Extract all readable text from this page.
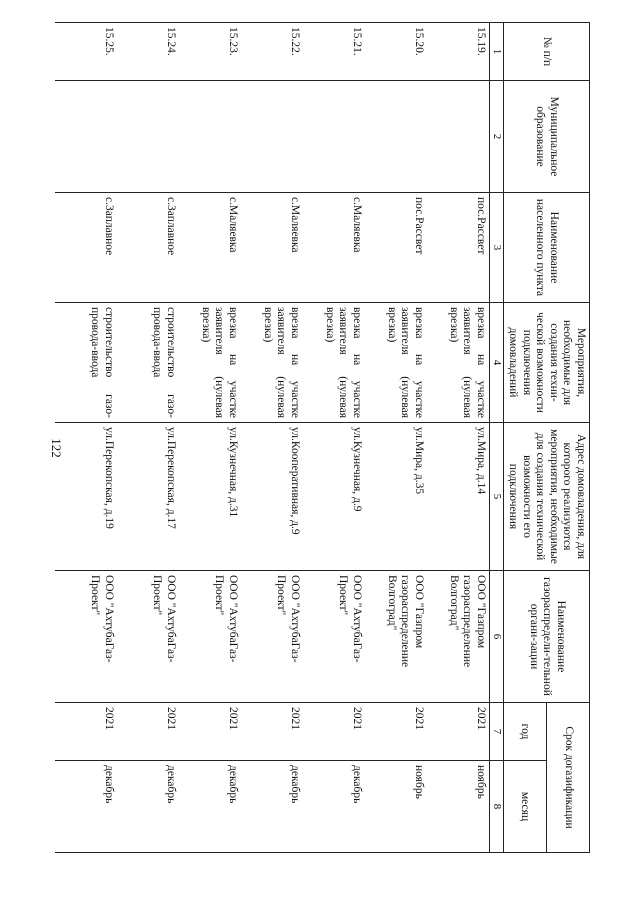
122
№ п/п	Муниципальное образование	Наименование населенного пункта	Мероприятия, необходимые для создания техни-ческой возможности подключения домовладений	Адрес домовладения, для которого реализуются мероприятия, необходимые для создания технической возможности его подключения	Наименование газораспредели-тельной органи-зации	Срок догазификации	
						год	месяц
1	2	3	4	5	6	7	8
15.19.		пос.Рассвет	врезка на участке заявителя (нулевая врезка)	ул.Мира, д.14	ООО "Газпром газораспределение Волгоград"	2021	ноябрь
15.20.		пос.Рассвет	врезка на участке заявителя (нулевая врезка)	ул.Мира, д.35	ООО "Газпром газораспределение Волгоград"	2021	ноябрь
15.21.		с.Маляевка	врезка на участке заявителя (нулевая врезка)	ул.Кузнечная, д.9	ООО "АхтубаГаз-Проект"	2021	декабрь
15.22.		с.Маляевка	врезка на участке заявителя (нулевая врезка)	ул.Кооперативная, д.9	ООО "АхтубаГаз-Проект"	2021	декабрь
15.23.		с.Маляевка	врезка на участке заявителя (нулевая врезка)	ул.Кузнечная, д.31	ООО "АхтубаГаз-Проект"	2021	декабрь
15.24.		с.Заплавное	строительство газо-провода-ввода	ул.Перекопская, д.17	ООО "АхтубаГаз-Проект"	2021	декабрь
15.25.		с.Заплавное	строительство газо-провода-ввода	ул.Перекопская, д.19	ООО "АхтубаГаз-Проект"	2021	декабрь
